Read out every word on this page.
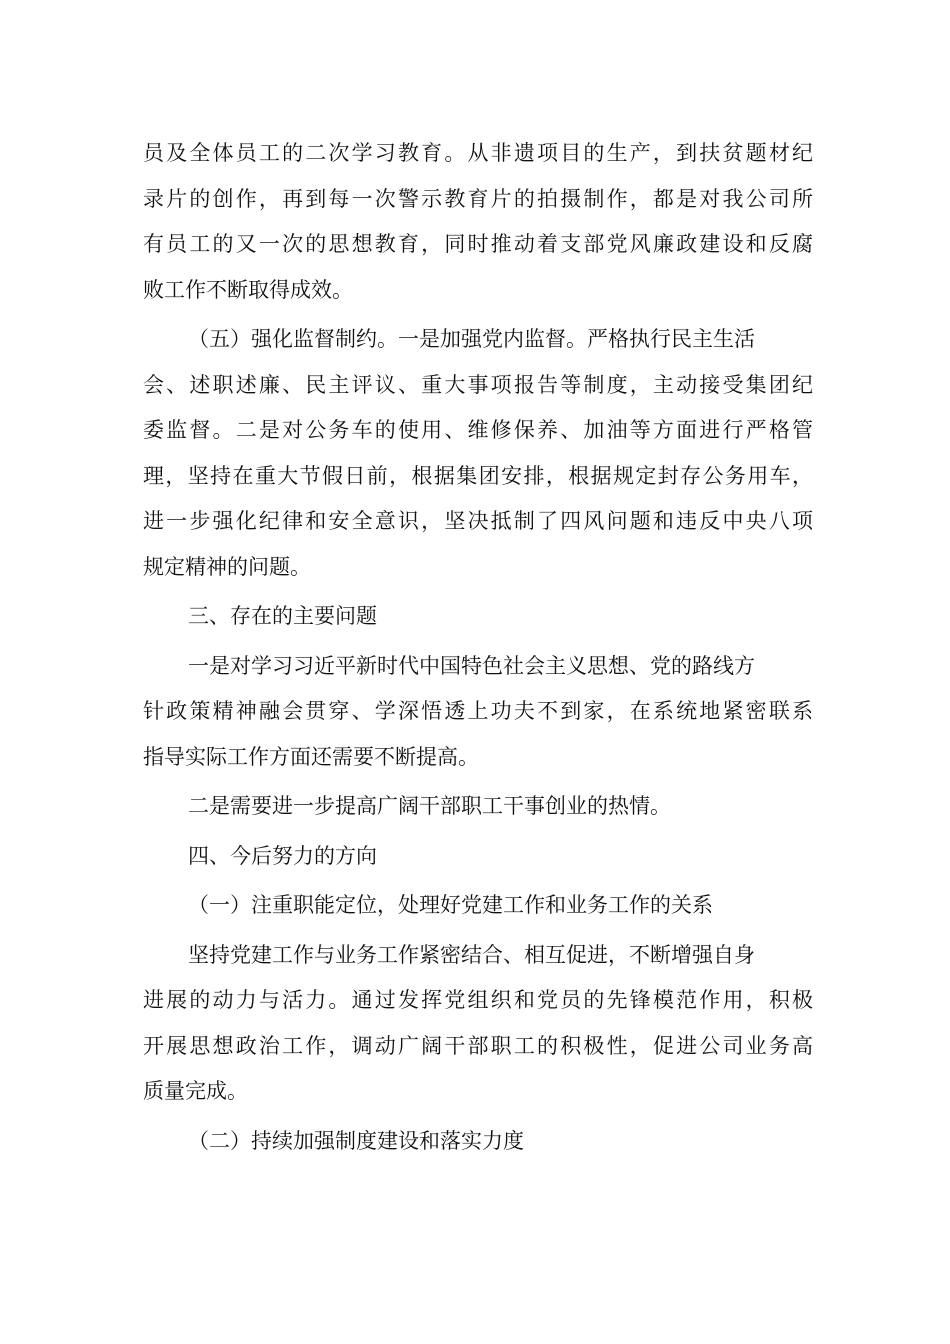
员及全体员工的二次学习教育。从非遗项目的生产，到扶贫题材纪
录片的创作，再到每一次警示教育片的拍摄制作，都是对我公司所
有员工的又一次的思想教育，同时推动着支部党风廉政建设和反腐
败工作不断取得成效。
（五）强化监督制约。一是加强党内监督。严格执行民主生活
会、述职述廉、民主评议、重大事项报告等制度，主动接受集团纪
委监督。二是对公务车的使用、维修保养、加油等方面进行严格管
理，坚持在重大节假日前，根据集团安排，根据规定封存公务用车，
进一步强化纪律和安全意识，坚决抵制了四风问题和违反中央八项
规定精神的问题。
三、存在的主要问题
一是对学习习近平新时代中国特色社会主义思想、党的路线方
针政策精神融会贯穿、学深悟透上功夫不到家，在系统地紧密联系
指导实际工作方面还需要不断提高。
二是需要进一步提高广阔干部职工干事创业的热情。
四、今后努力的方向
（一）注重职能定位，处理好党建工作和业务工作的关系
坚持党建工作与业务工作紧密结合、相互促进，不断增强自身
进展的动力与活力。通过发挥党组织和党员的先锋模范作用，积极
开展思想政治工作，调动广阔干部职工的积极性，促进公司业务高
质量完成。
（二）持续加强制度建设和落实力度
